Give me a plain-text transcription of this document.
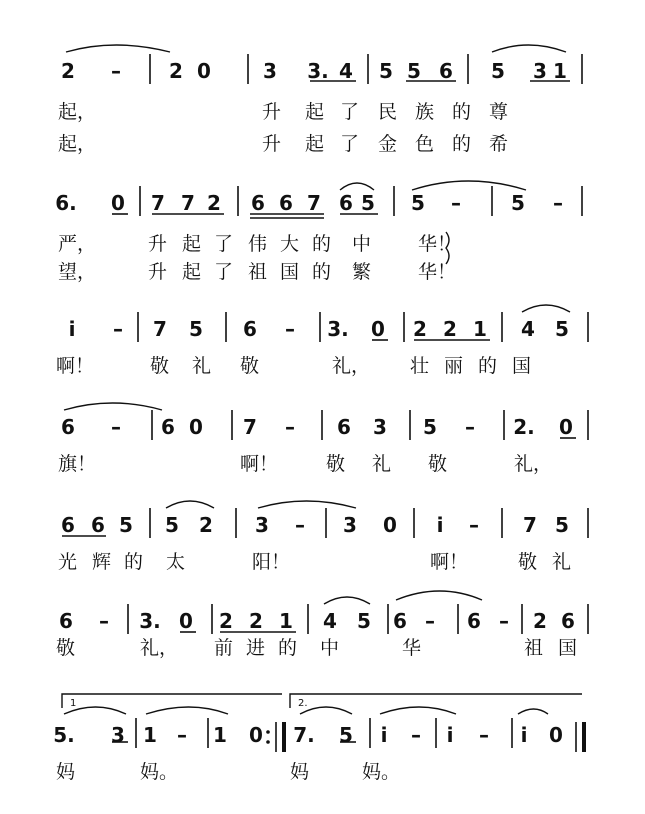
1	2.
2 – 2 0	3 3. 4 5 5 6 5 3 1
6. 0 7 7 2 6 6 7 6 5 5 –	5 –
i – 7 5 6 – 3. 0 2 2 1 4 5
6 – 6 0 7 – 6 3 5 – 2. 0
6 6 5 5 2 3 – 3 0 i – 7 5
6 – 3. 0 2 2 1 4 5 6 – 6 – 2 6
5. 3 1 – 1 0 7. 5 i – i – i 0
起，	升 起 了 民 族 的 尊
起，	升 起 了 金 色 的 希
严，	升 起 了 伟 大 的 中 华！
望，	升 起 了 祖 国 的 繁 华！
啊！	敬 礼 敬	礼， 壮 丽 的 国
旗！	啊！	敬 礼 敬	礼，
光 辉 的 太	阳！	啊！	敬 礼
敬	礼， 前 进 的 中	华	祖 国
妈	妈。	妈	妈。
